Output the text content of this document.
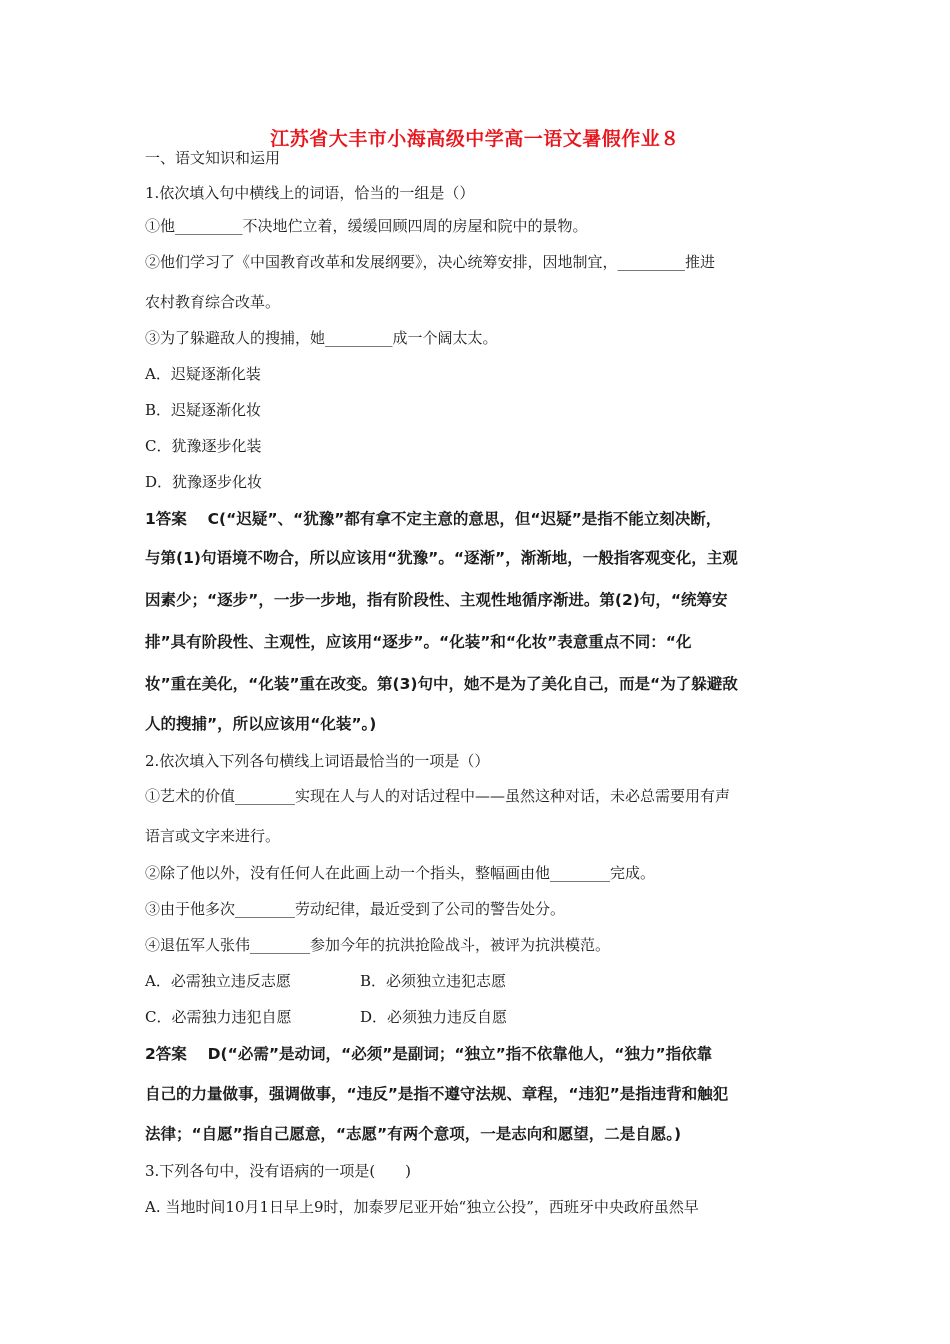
江苏省大丰市小海高级中学高一语文暑假作业８
一、语文知识和运用
1.依次填入句中横线上的词语，恰当的一组是（）
①他_________不决地伫立着，缓缓回顾四周的房屋和院中的景物。
②他们学习了《中国教育改革和发展纲要》，决心统筹安排，因地制宜，_________推进
农村教育综合改革。
③为了躲避敌人的搜捕，她_________成一个阔太太。
A．迟疑逐渐化装
B．迟疑逐渐化妆
C．犹豫逐步化装
D．犹豫逐步化妆
1答案　 C(“迟疑”、“犹豫”都有拿不定主意的意思，但“迟疑”是指不能立刻决断，
与第(1)句语境不吻合，所以应该用“犹豫”。“逐渐”，渐渐地，一般指客观变化，主观
因素少；“逐步”，一步一步地，指有阶段性、主观性地循序渐进。第(2)句，“统筹安
排”具有阶段性、主观性，应该用“逐步”。“化装”和“化妆”表意重点不同：“化
妆”重在美化，“化装”重在改变。第(3)句中，她不是为了美化自己，而是“为了躲避敌
人的搜捕”，所以应该用“化装”。)
2.依次填入下列各句横线上词语最恰当的一项是（）
①艺术的价值________实现在人与人的对话过程中——虽然这种对话，未必总需要用有声
语言或文字来进行。
②除了他以外，没有任何人在此画上动一个指头，整幅画由他________完成。
③由于他多次________劳动纪律，最近受到了公司的警告处分。
④退伍军人张伟________参加今年的抗洪抢险战斗，被评为抗洪模范。
A．必需独立违反志愿	B．必须独立违犯志愿
C．必需独力违犯自愿	D．必须独力违反自愿
2答案　 D(“必需”是动词，“必须”是副词；“独立”指不依靠他人，“独力”指依靠
自己的力量做事，强调做事，“违反”是指不遵守法规、章程，“违犯”是指违背和触犯
法律；“自愿”指自己愿意，“志愿”有两个意项，一是志向和愿望，二是自愿。)
3.下列各句中，没有语病的一项是(　　)
A. 当地时间10月1日早上9时，加泰罗尼亚开始“独立公投”，西班牙中央政府虽然早
